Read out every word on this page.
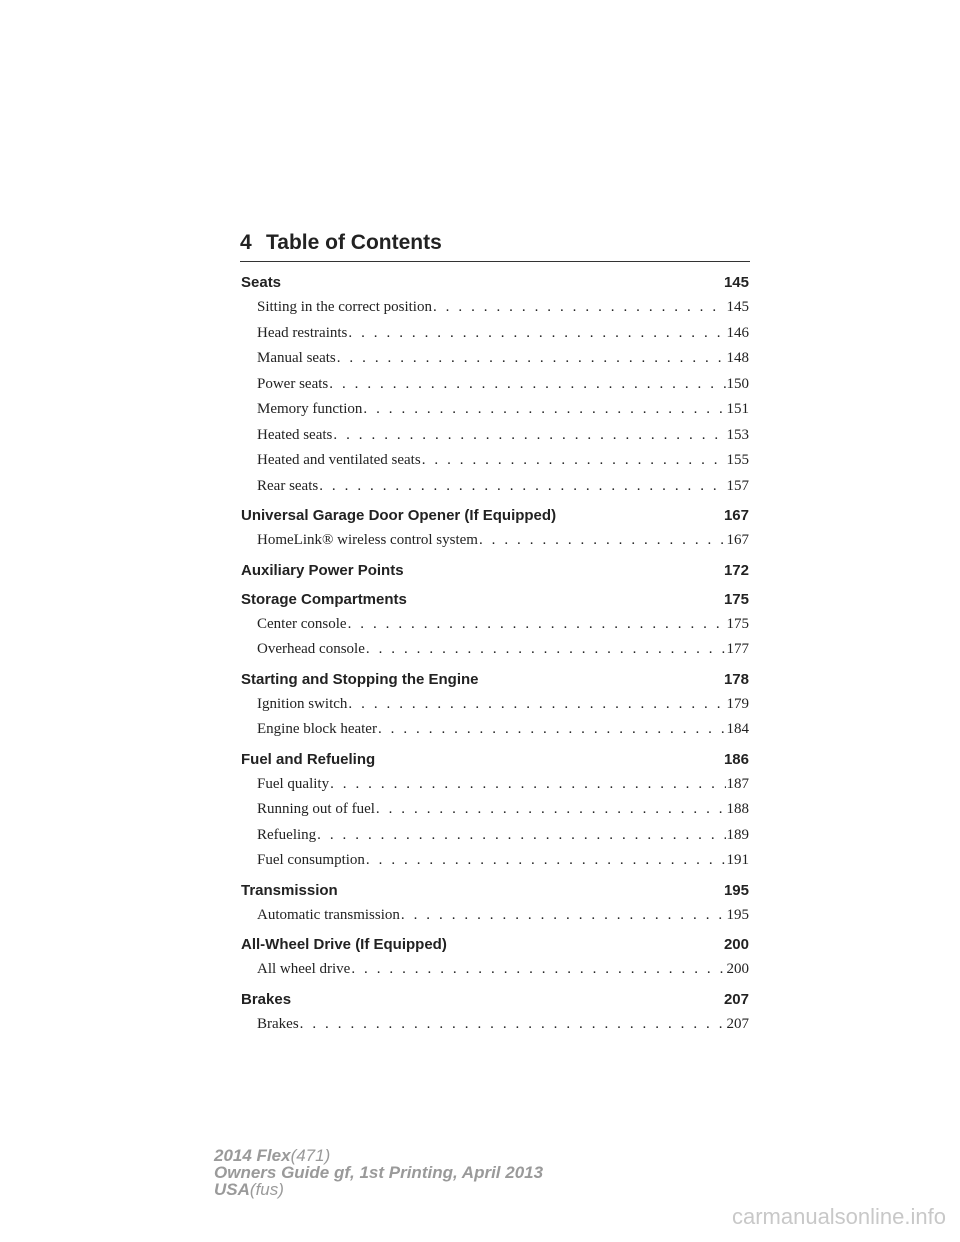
4 Table of Contents
Seats	145
Sitting in the correct position . . .	145
Head restraints . . .	146
Manual seats . . .	148
Power seats . . .	150
Memory function . . .	151
Heated seats . . .	153
Heated and ventilated seats . . .	155
Rear seats . . .	157
Universal Garage Door Opener (If Equipped)	167
HomeLink® wireless control system . . .	167
Auxiliary Power Points	172
Storage Compartments	175
Center console . . .	175
Overhead console . . .	177
Starting and Stopping the Engine	178
Ignition switch . . .	179
Engine block heater . . .	184
Fuel and Refueling	186
Fuel quality . . .	187
Running out of fuel . . .	188
Refueling . . .	189
Fuel consumption . . .	191
Transmission	195
Automatic transmission . . .	195
All-Wheel Drive (If Equipped)	200
All wheel drive . . .	200
Brakes	207
Brakes . . .	207
2014 Flex(471)
Owners Guide gf, 1st Printing, April 2013
USA(fus)
carmanualsonline.info
